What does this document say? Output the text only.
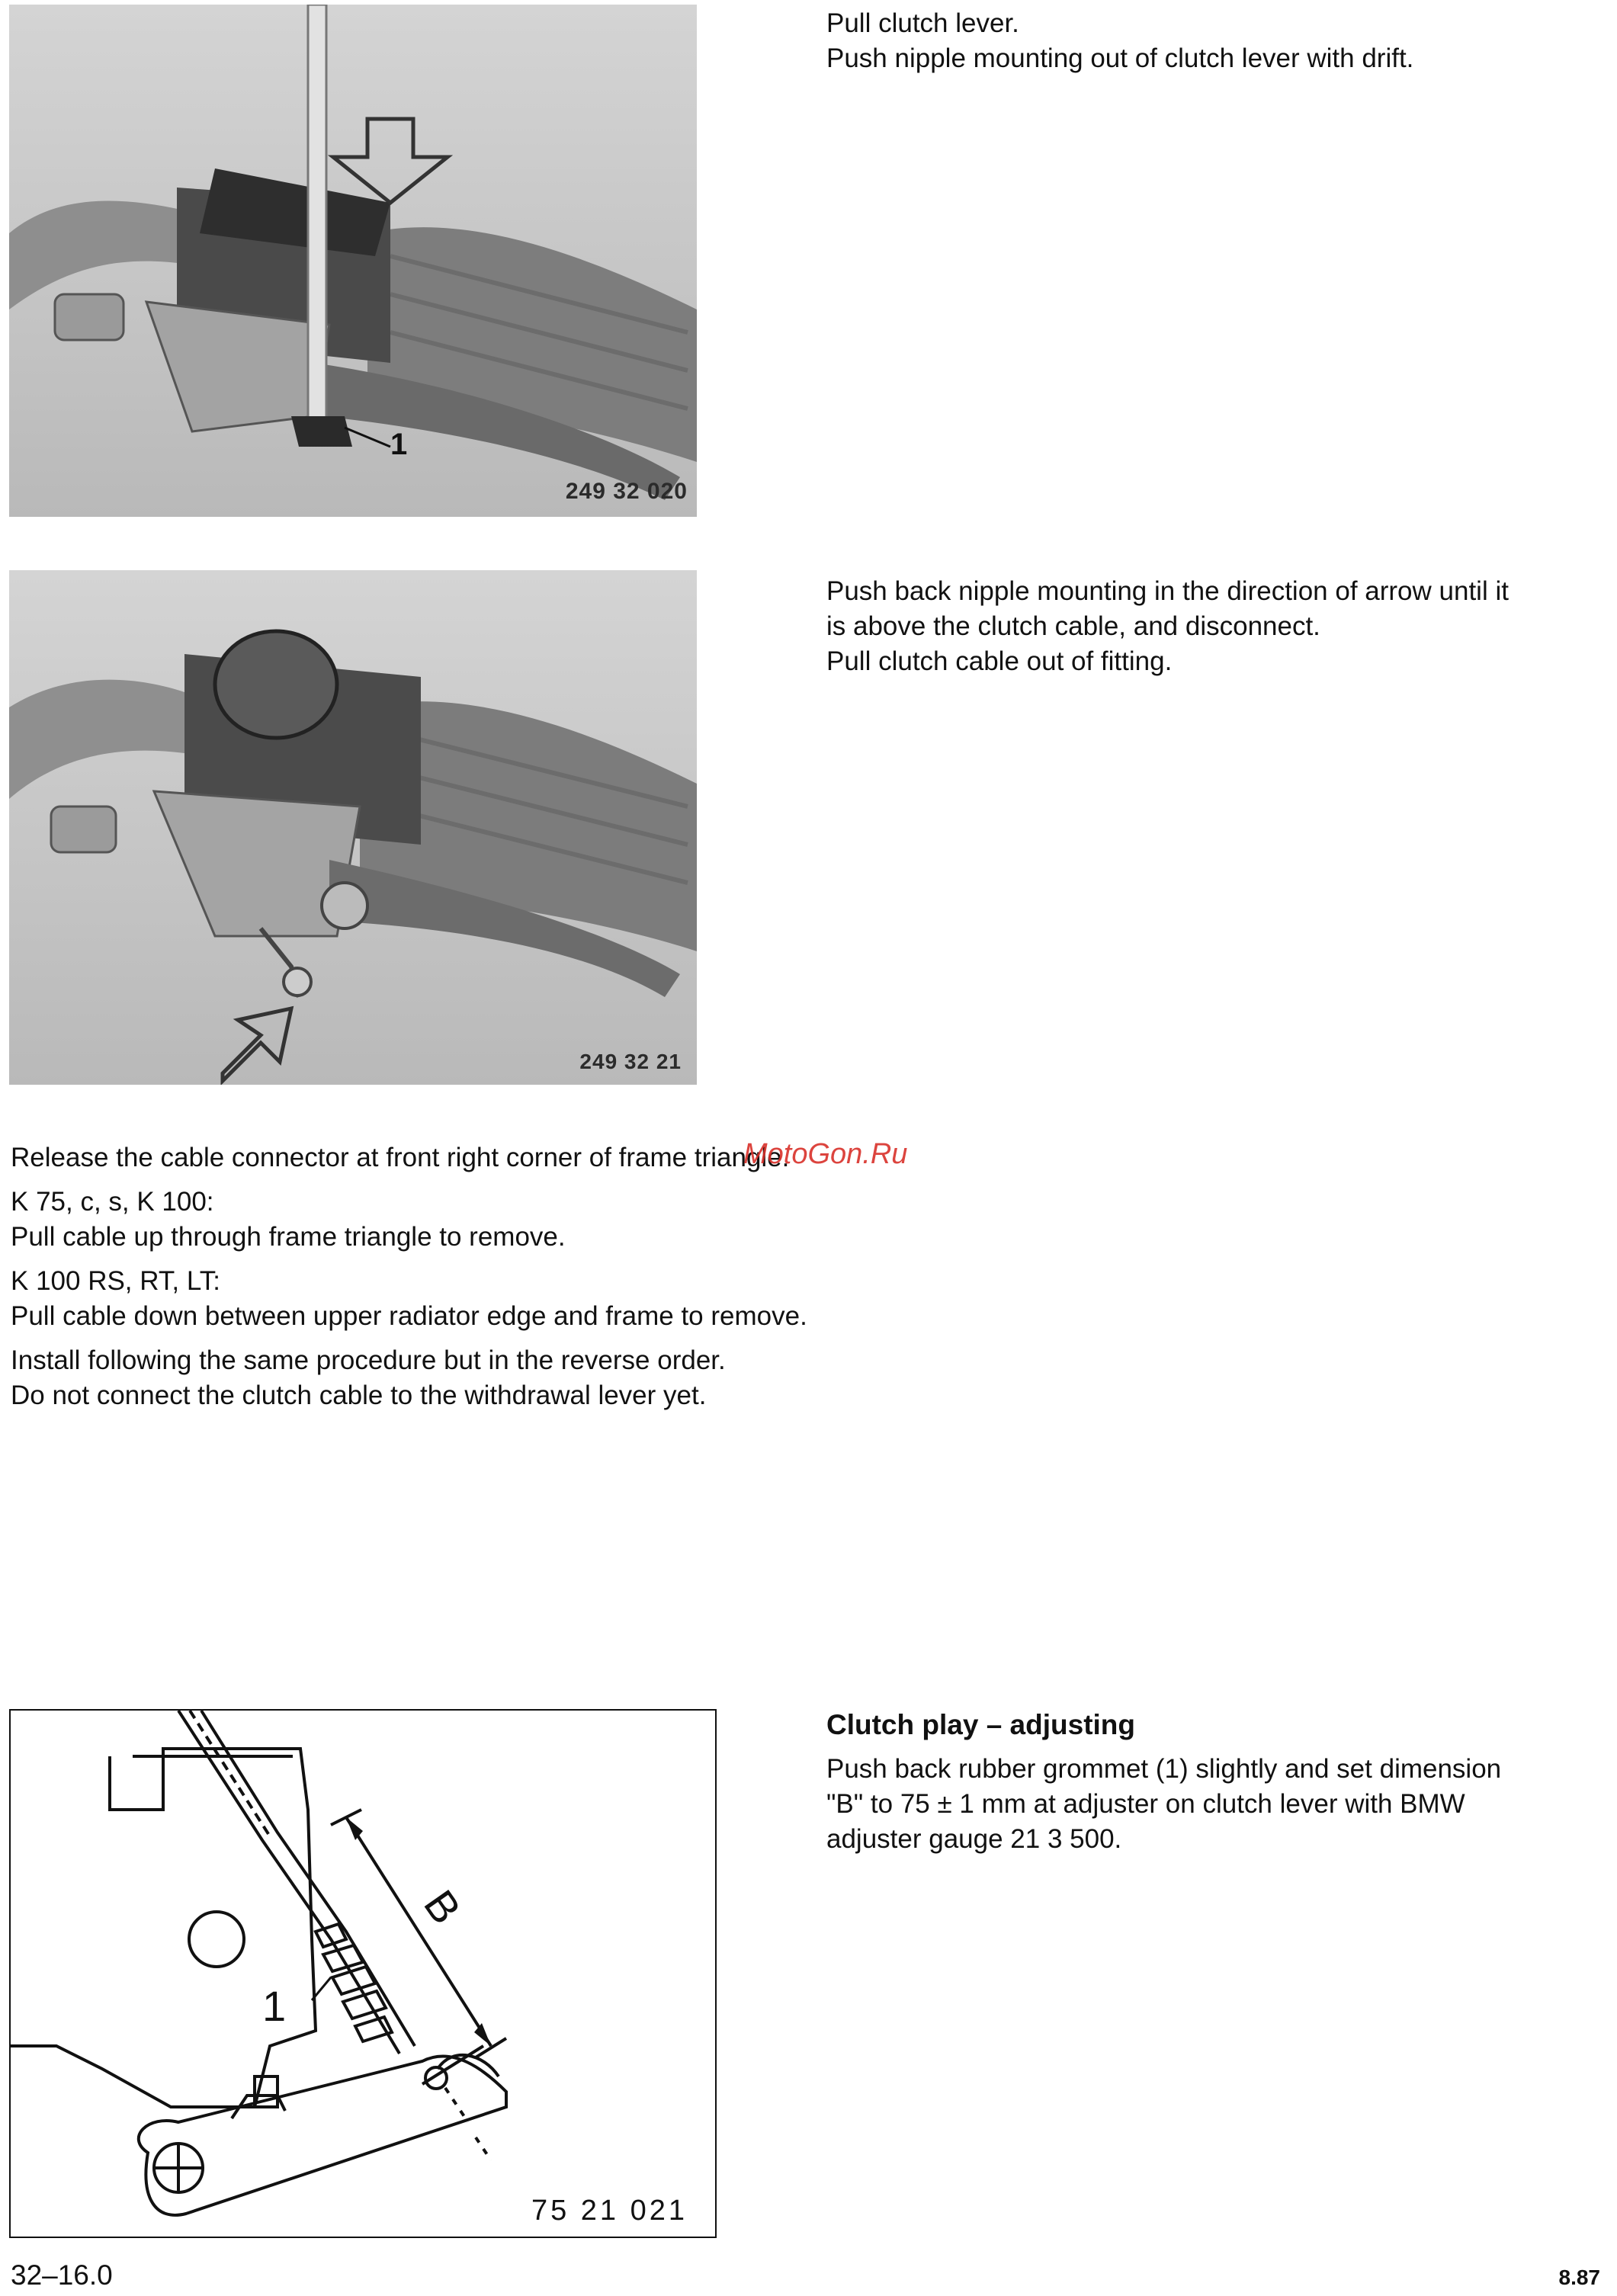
1
249 32 020

Pull clutch lever.

Push nipple mounting out of clutch lever with drift.

249 32 21

Push back nipple mounting in the direction of arrow until it

is above the clutch cable, and disconnect.

Pull clutch cable out of fitting.

Release the cable connector at front right corner of frame triangle.

K 75, c, s, K 100:

Pull cable up through frame triangle to remove.

K 100 RS, RT, LT:

Pull cable down between upper radiator edge and frame to remove.

Install following the same procedure but in the reverse order.

Do not connect the clutch cable to the withdrawal lever yet.

MotoGon.Ru
B
1
75 21 021

Clutch play – adjusting

Push back rubber grommet (1) slightly and set dimension

"B" to 75 ± 1 mm at adjuster on clutch lever with BMW

adjuster gauge 21 3 500.

32–16.0	8.87
